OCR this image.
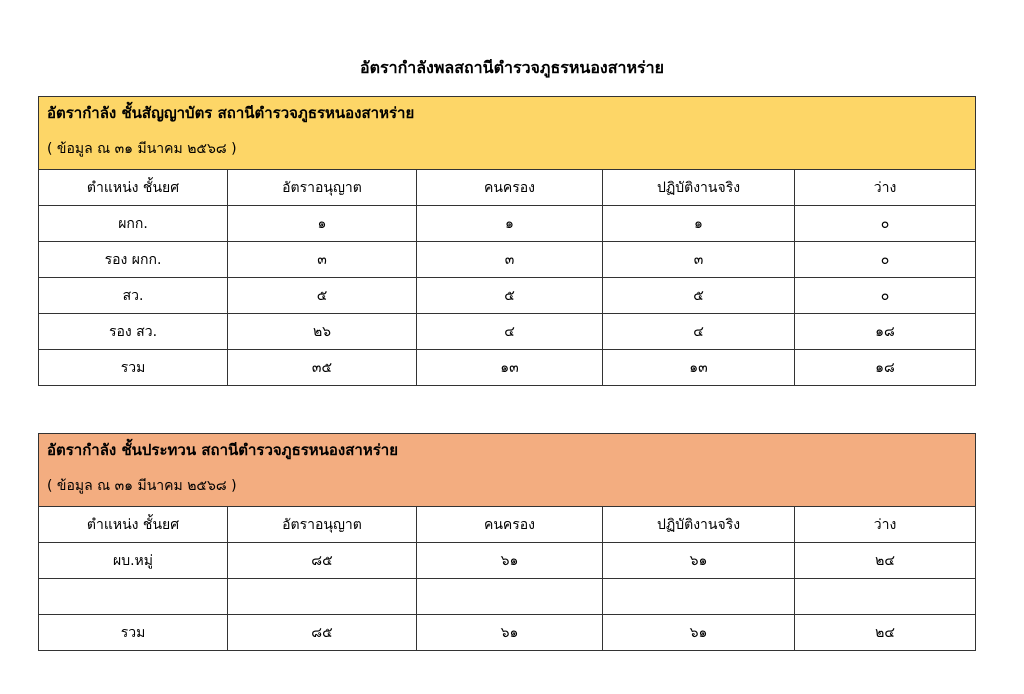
อัตรากำลังพลสถานีตำรวจภูธรหนองสาหร่าย
อัตรากำลัง ชั้นสัญญาบัตร สถานีตำรวจภูธรหนองสาหร่าย
( ข้อมูล ณ ๓๑ มีนาคม ๒๕๖๘ )				

ตำแหน่ง ชั้นยศ	อัตราอนุญาต	คนครอง	ปฏิบัติงานจริง	ว่าง
ผกก.	๑	๑	๑	๐
รอง ผกก.	๓	๓	๓	๐
สว.	๕	๕	๕	๐
รอง สว.	๒๖	๔	๔	๑๘
รวม	๓๕	๑๓	๑๓	๑๘
อัตรากำลัง ชั้นประทวน สถานีตำรวจภูธรหนองสาหร่าย
( ข้อมูล ณ ๓๑ มีนาคม ๒๕๖๘ )				

ตำแหน่ง ชั้นยศ	อัตราอนุญาต	คนครอง	ปฏิบัติงานจริง	ว่าง
ผบ.หมู่	๘๕	๖๑	๖๑	๒๔

รวม	๘๕	๖๑	๖๑	๒๔
